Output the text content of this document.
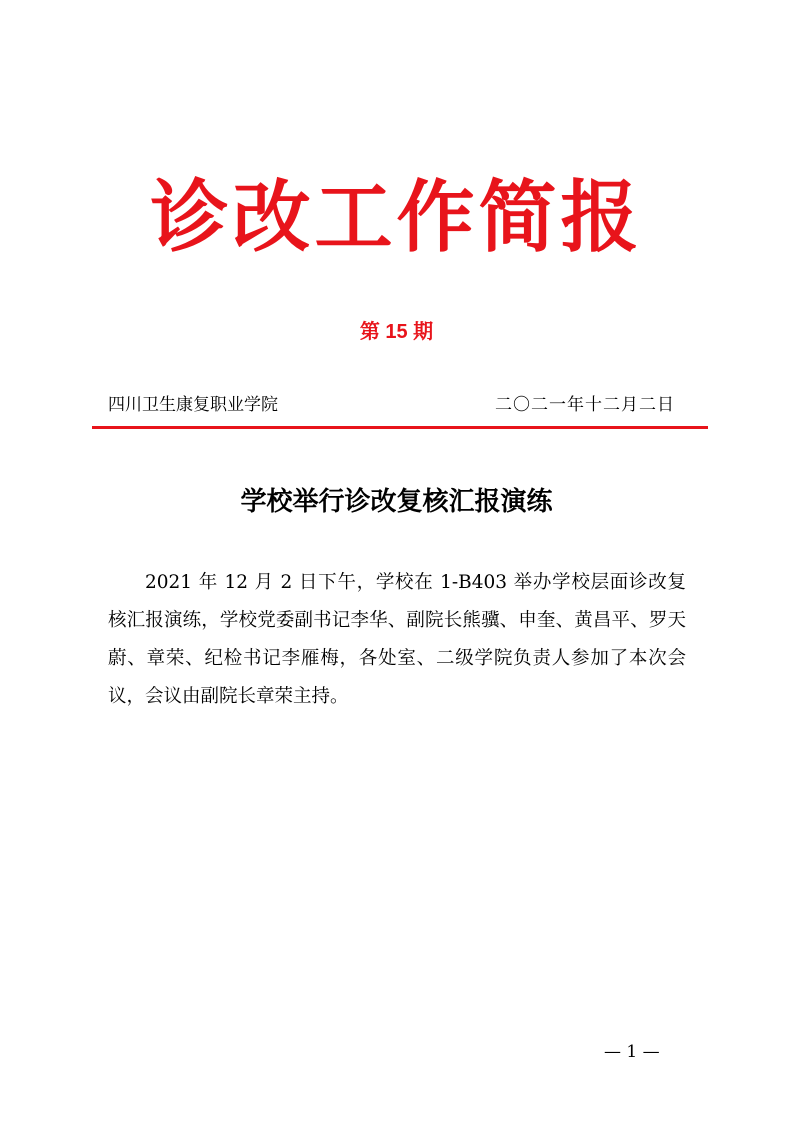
诊改工作简报
第 15 期
四川卫生康复职业学院	二〇二一年十二月二日
学校举行诊改复核汇报演练

2021 年 12 月 2 日下午，学校在 1-B403 举办学校层面诊改复核汇报演练，学校党委副书记李华、副院长熊骥、申奎、黄昌平、罗天蔚、章荣、纪检书记李雁梅，各处室、二级学院负责人参加了本次会议，会议由副院长章荣主持。

— 1 —
